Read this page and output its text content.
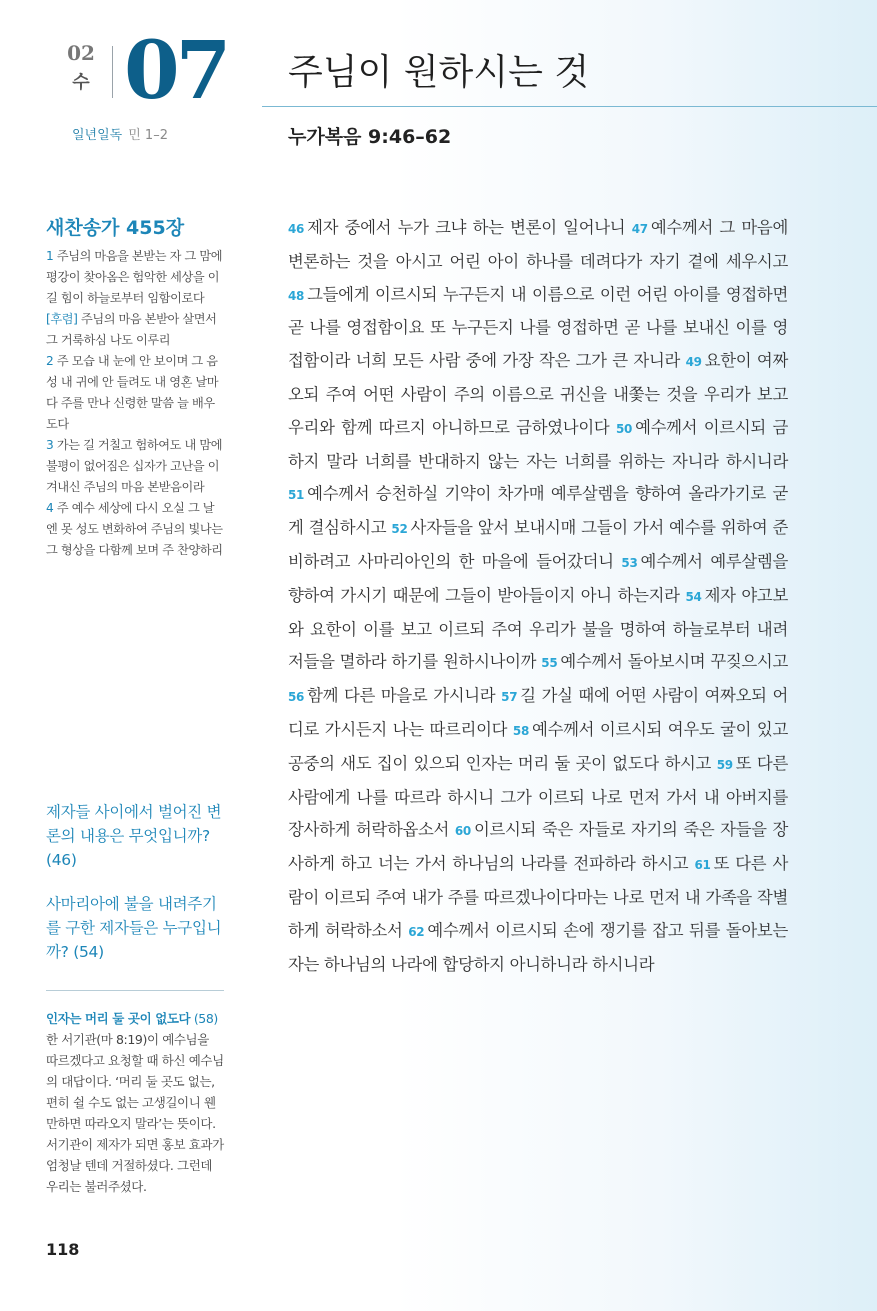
02
수 07 주님이 원하시는 것
일년일독 민 1–2	누가복음 9:46–62
새찬송가 455장
1 주님의 마음을 본받는 자 그 맘에 평강이 찾아옴은 험악한 세상을 이길 힘이 하늘로부터 임함이로다
[후렴] 주님의 마음 본받아 살면서 그 거룩하심 나도 이루리
2 주 모습 내 눈에 안 보이며 그 음성 내 귀에 안 들려도 내 영혼 날마다 주를 만나 신령한 말씀 늘 배우도다
3 가는 길 거칠고 험하여도 내 맘에 불평이 없어짐은 십자가 고난을 이겨내신 주님의 마음 본받음이라
4 주 예수 세상에 다시 오실 그 날엔 못 성도 변화하여 주님의 빛나는 그 형상을 다함께 보며 주 찬양하리
제자들 사이에서 벌어진 변론의 내용은 무엇입니까? (46)
사마리아에 불을 내려주기를 구한 제자들은 누구입니까? (54)
인자는 머리 둘 곳이 없도다 (58) 한 서기관(마 8:19)이 예수님을 따르겠다고 요청할 때 하신 예수님의 대답이다. ‘머리 둘 곳도 없는, 편히 쉴 수도 없는 고생길이니 웬만하면 따라오지 말라’는 뜻이다. 서기관이 제자가 되면 홍보 효과가 엄청날 텐데 거절하셨다. 그런데 우리는 불러주셨다.
118
46 제자 중에서 누가 크냐 하는 변론이 일어나니 47 예수께서 그 마음에 변론하는 것을 아시고 어린 아이 하나를 데려다가 자기 곁에 세우시고 48 그들에게 이르시되 누구든지 내 이름으로 이런 어린 아이를 영접하면 곧 나를 영접함이요 또 누구든지 나를 영접하면 곧 나를 보내신 이를 영접함이라 너희 모든 사람 중에 가장 작은 그가 큰 자니라 49 요한이 여짜오되 주여 어떤 사람이 주의 이름으로 귀신을 내쫓는 것을 우리가 보고 우리와 함께 따르지 아니하므로 금하였나이다 50 예수께서 이르시되 금하지 말라 너희를 반대하지 않는 자는 너희를 위하는 자니라 하시니라 51 예수께서 승천하실 기약이 차가매 예루살렘을 향하여 올라가기로 굳게 결심하시고 52 사자들을 앞서 보내시매 그들이 가서 예수를 위하여 준비하려고 사마리아인의 한 마을에 들어갔더니 53 예수께서 예루살렘을 향하여 가시기 때문에 그들이 받아들이지 아니 하는지라 54 제자 야고보와 요한이 이를 보고 이르되 주여 우리가 불을 명하여 하늘로부터 내려 저들을 멸하라 하기를 원하시나이까 55 예수께서 돌아보시며 꾸짖으시고 56 함께 다른 마을로 가시니라 57 길 가실 때에 어떤 사람이 여짜오되 어디로 가시든지 나는 따르리이다 58 예수께서 이르시되 여우도 굴이 있고 공중의 새도 집이 있으되 인자는 머리 둘 곳이 없도다 하시고 59 또 다른 사람에게 나를 따르라 하시니 그가 이르되 나로 먼저 가서 내 아버지를 장사하게 허락하옵소서 60 이르시되 죽은 자들로 자기의 죽은 자들을 장사하게 하고 너는 가서 하나님의 나라를 전파하라 하시고 61 또 다른 사람이 이르되 주여 내가 주를 따르겠나이다마는 나로 먼저 내 가족을 작별하게 허락하소서 62 예수께서 이르시되 손에 쟁기를 잡고 뒤를 돌아보는 자는 하나님의 나라에 합당하지 아니하니라 하시니라
